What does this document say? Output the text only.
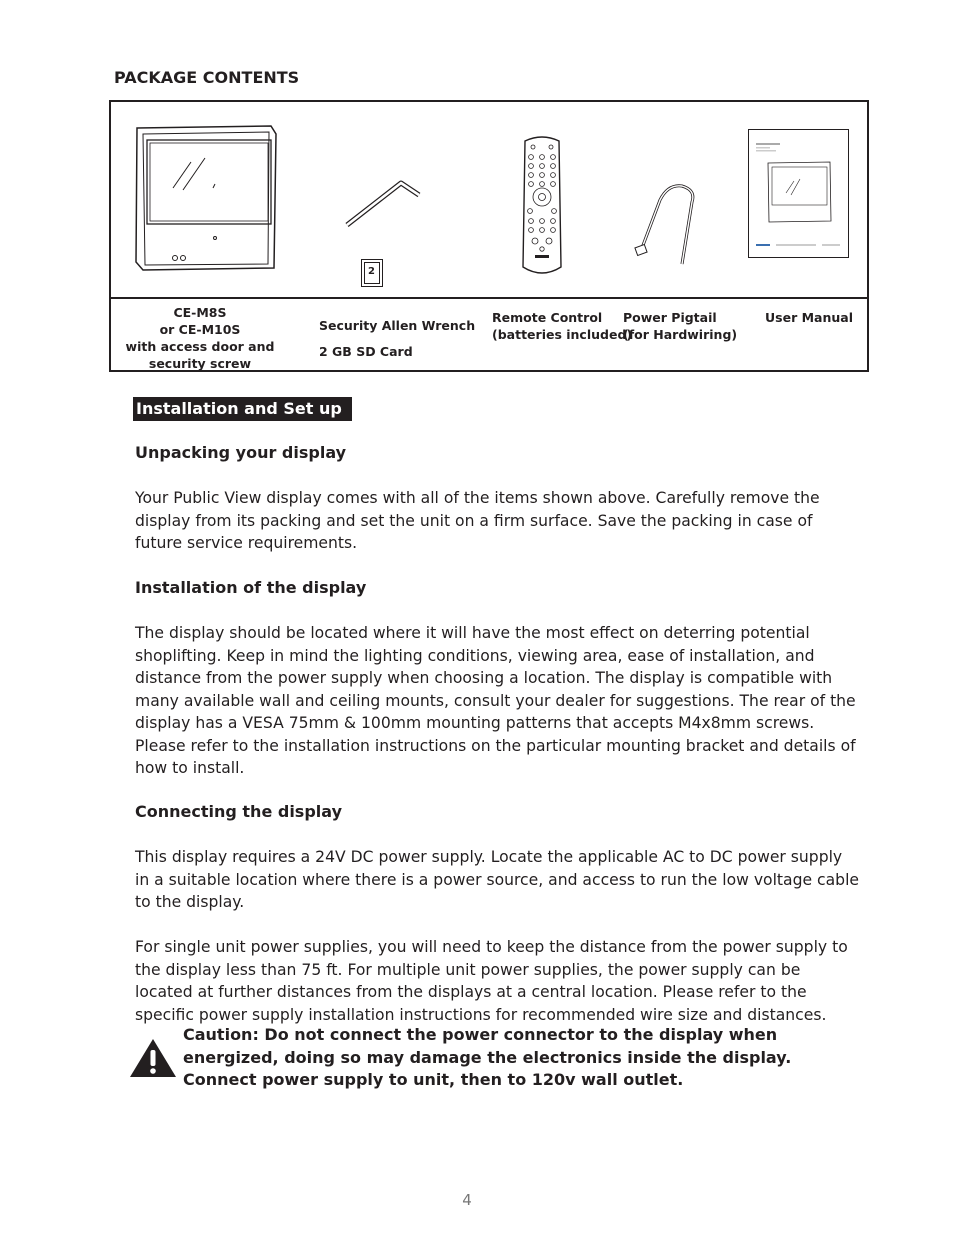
PACKAGE CONTENTS
2
CE-M8S
or CE-M10S
with access door and
security screw
Security Allen Wrench
2 GB SD Card
Remote Control
(batteries included)
Power Pigtail
(for Hardwiring)
User Manual
Installation and Set up
Unpacking your display
Your Public View display comes with all of the items shown above. Carefully remove the display from its packing and set the unit on a firm surface. Save the packing in case of future service requirements.
Installation of the display
The display should be located where it will have the most effect on deterring potential shoplifting. Keep in mind the lighting conditions, viewing area, ease of installation, and distance from the power supply when choosing a location. The display is compatible with many available wall and ceiling mounts, consult your dealer for suggestions. The rear of the display has a VESA 75mm & 100mm mounting patterns that accepts M4x8mm screws. Please refer to the installation instructions on the particular mounting bracket and details of how to install.
Connecting the display
This display requires a 24V DC power supply. Locate the applicable AC to DC power supply in a suitable location where there is a power source, and access to run the low voltage cable to the display.
For single unit power supplies, you will need to keep the distance from the power supply to the display less than 75 ft. For multiple unit power supplies, the power supply can be located at further distances from the displays at a central location. Please refer to the specific power supply installation instructions for recommended wire size and distances.
Caution: Do not connect the power connector to the display when energized, doing so may damage the electronics inside the display. Connect power supply to unit, then to 120v wall outlet.
4
